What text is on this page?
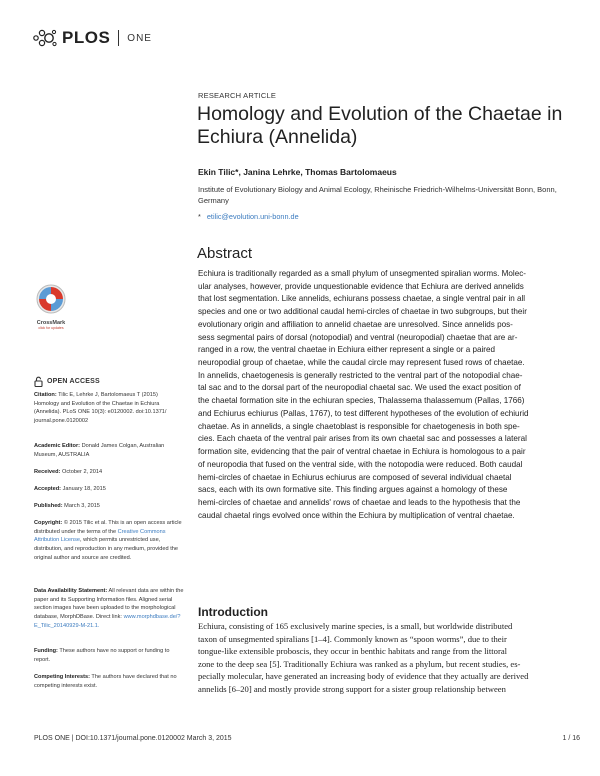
PLOS ONE
RESEARCH ARTICLE
Homology and Evolution of the Chaetae in
Echiura (Annelida)
Ekin Tilic*, Janina Lehrke, Thomas Bartolomaeus
Institute of Evolutionary Biology and Animal Ecology, Rheinische Friedrich-Wilhelms-Universität Bonn, Bonn,
Germany
* etilic@evolution.uni-bonn.de
Abstract
Echiura is traditionally regarded as a small phylum of unsegmented spiralian worms. Molec-
ular analyses, however, provide unquestionable evidence that Echiura are derived annelids
that lost segmentation. Like annelids, echiurans possess chaetae, a single ventral pair in all
species and one or two additional caudal hemi-circles of chaetae in two subgroups, but their
evolutionary origin and affiliation to annelid chaetae are unresolved. Since annelids pos-
sess segmental pairs of dorsal (notopodial) and ventral (neuropodial) chaetae that are ar-
ranged in a row, the ventral chaetae in Echiura either represent a single or a paired
neuropodial group of chaetae, while the caudal circle may represent fused rows of chaetae.
In annelids, chaetogenesis is generally restricted to the ventral part of the notopodial chae-
tal sac and to the dorsal part of the neuropodial chaetal sac. We used the exact position of
the chaetal formation site in the echiuran species, Thalassema thalassemum (Pallas, 1766)
and Echiurus echiurus (Pallas, 1767), to test different hypotheses of the evolution of echiurid
chaetae. As in annelids, a single chaetoblast is responsible for chaetogenesis in both spe-
cies. Each chaeta of the ventral pair arises from its own chaetal sac and possesses a lateral
formation site, evidencing that the pair of ventral chaetae in Echiura is homologous to a pair
of neuropodia that fused on the ventral side, with the notopodia were reduced. Both caudal
hemi-circles of chaetae in Echiurus echiurus are composed of several individual chaetal
sacs, each with its own formative site. This finding argues against a homology of these
hemi-circles of chaetae and annelids' rows of chaetae and leads to the hypothesis that the
caudal chaetal rings evolved once within the Echiura by multiplication of ventral chaetae.
Introduction
Echiura, consisting of 165 exclusively marine species, is a small, but worldwide distributed
taxon of unsegmented spiralians [1–4]. Commonly known as “spoon worms”, due to their
tongue-like extensible proboscis, they occur in benthic habitats and range from the littoral
zone to the deep sea [5]. Traditionally Echiura was ranked as a phylum, but recent studies, es-
pecially molecular, have generated an increasing body of evidence that they actually are derived
annelids [6–20] and mostly provide strong support for a sister group relationship between
CrossMark
click for updates
OPEN ACCESS
Citation: Tilic E, Lehrke J, Bartolomaeus T (2015) Homology and Evolution of the Chaetae in Echiura (Annelida). PLoS ONE 10(3): e0120002. doi:10.1371/ journal.pone.0120002
Academic Editor: Donald James Colgan, Australian Museum, AUSTRALIA
Received: October 2, 2014
Accepted: January 18, 2015
Published: March 3, 2015
Copyright: © 2015 Tilic et al. This is an open access article distributed under the terms of the Creative Commons Attribution License, which permits unrestricted use, distribution, and reproduction in any medium, provided the original author and source are credited.
Data Availability Statement: All relevant data are within the paper and its Supporting Information files. Aligned serial section images have been uploaded to the morphological database, MorphDBase. Direct link: www.morphdbase.de/?E_Tilic_20140929-M-21.1.
Funding: These authors have no support or funding to report.
Competing Interests: The authors have declared that no competing interests exist.
PLOS ONE | DOI:10.1371/journal.pone.0120002 March 3, 2015	1 / 16
